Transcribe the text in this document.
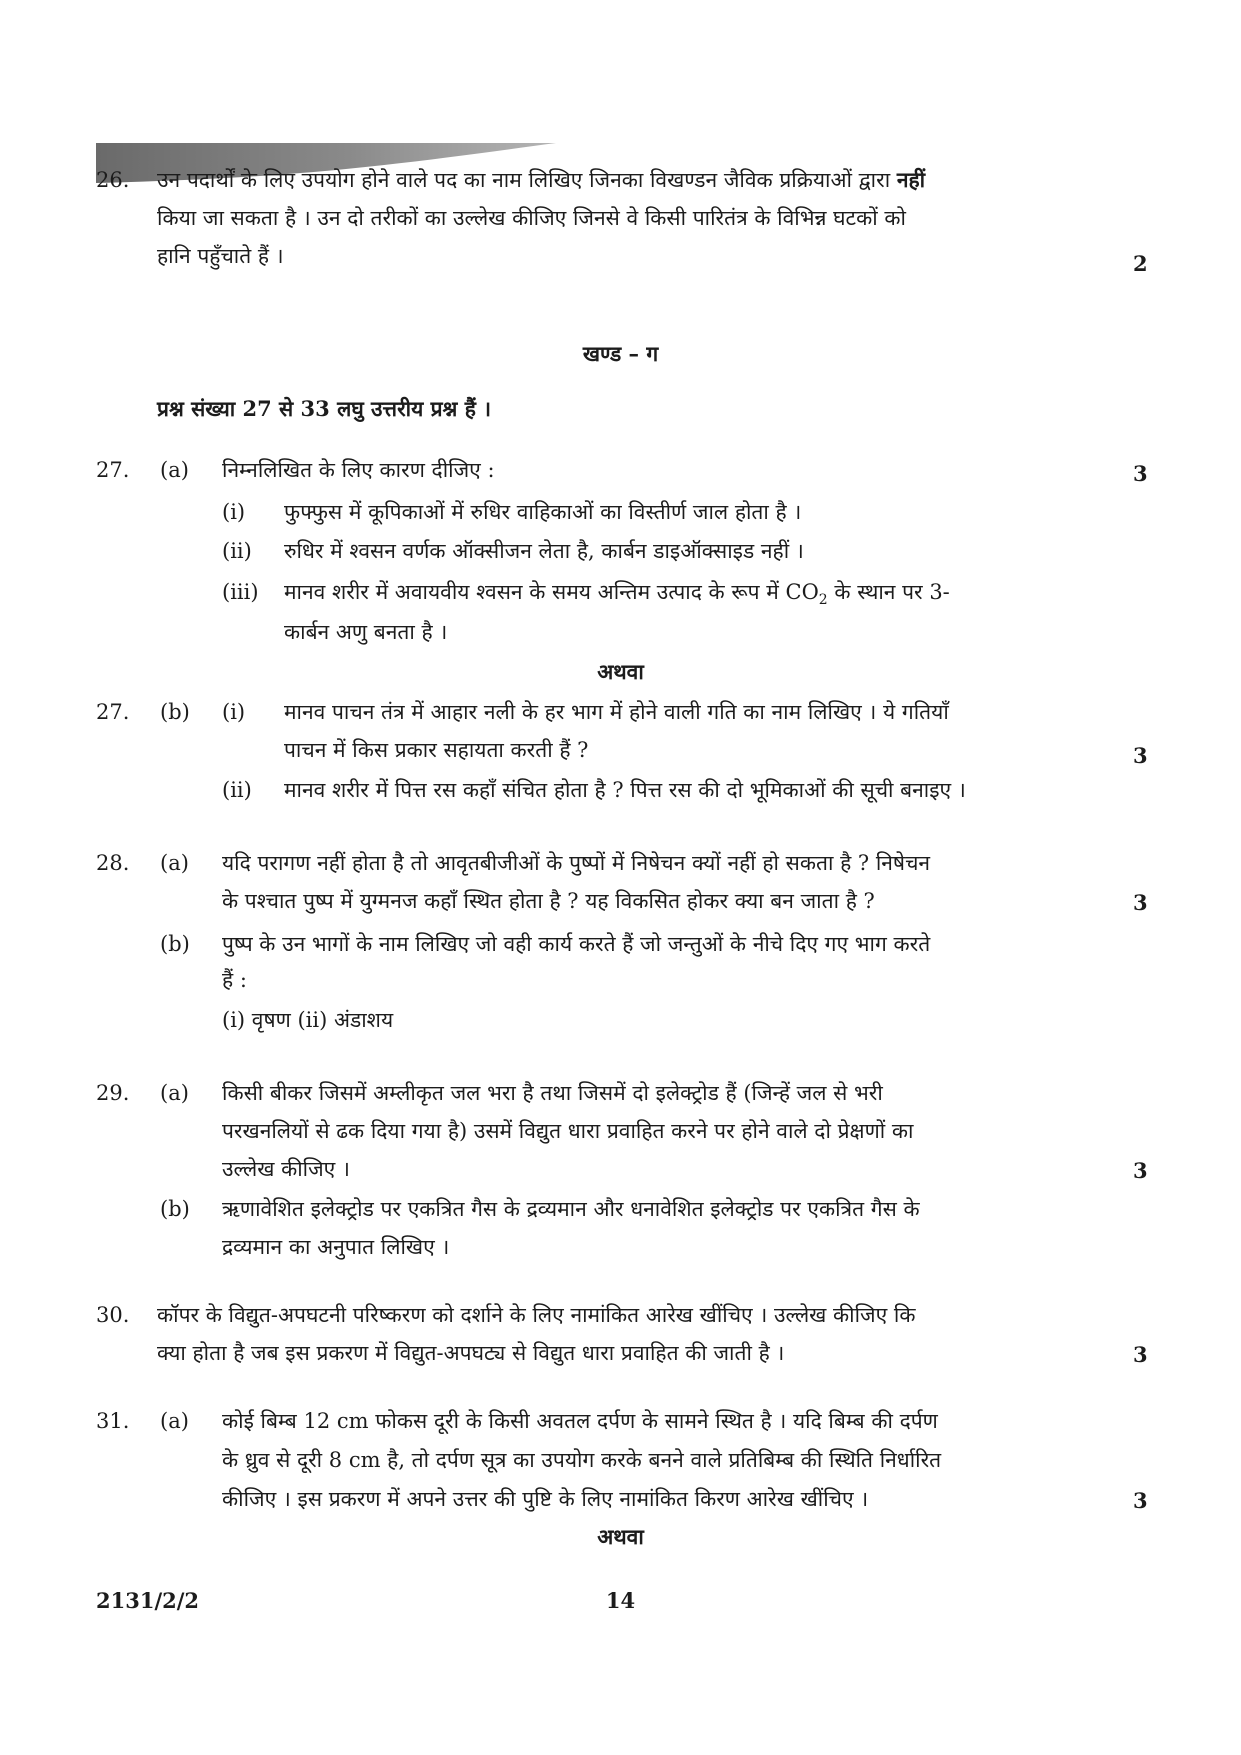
26. उन पदार्थों के लिए उपयोग होने वाले पद का नाम लिखिए जिनका विखण्डन जैविक प्रक्रियाओं द्वारा नहीं
किया जा सकता है । उन दो तरीकों का उल्लेख कीजिए जिनसे वे किसी पारितंत्र के विभिन्न घटकों को
हानि पहुँचाते हैं ।	2
खण्ड – ग
प्रश्न संख्या 27 से 33 लघु उत्तरीय प्रश्न हैं ।
27. (a) निम्नलिखित के लिए कारण दीजिए :	3
(i) फुफ्फुस में कूपिकाओं में रुधिर वाहिकाओं का विस्तीर्ण जाल होता है ।
(ii) रुधिर में श्वसन वर्णक ऑक्सीजन लेता है, कार्बन डाइऑक्साइड नहीं ।
(iii) मानव शरीर में अवायवीय श्वसन के समय अन्तिम उत्पाद के रूप में $CO_2$ के स्थान पर 3-
कार्बन अणु बनता है ।
अथवा
27. (b) (i) मानव पाचन तंत्र में आहार नली के हर भाग में होने वाली गति का नाम लिखिए । ये गतियाँ
पाचन में किस प्रकार सहायता करती हैं ?	3
(ii) मानव शरीर में पित्त रस कहाँ संचित होता है ? पित्त रस की दो भूमिकाओं की सूची बनाइए ।
28. (a) यदि परागण नहीं होता है तो आवृतबीजीओं के पुष्पों में निषेचन क्यों नहीं हो सकता है ? निषेचन
के पश्चात पुष्प में युग्मनज कहाँ स्थित होता है ? यह विकसित होकर क्या बन जाता है ?	3
(b) पुष्प के उन भागों के नाम लिखिए जो वही कार्य करते हैं जो जन्तुओं के नीचे दिए गए भाग करते
हैं :
(i) वृषण (ii) अंडाशय
29. (a) किसी बीकर जिसमें अम्लीकृत जल भरा है तथा जिसमें दो इलेक्ट्रोड हैं (जिन्हें जल से भरी
परखनलियों से ढक दिया गया है) उसमें विद्युत धारा प्रवाहित करने पर होने वाले दो प्रेक्षणों का
उल्लेख कीजिए ।	3
(b) ऋणावेशित इलेक्ट्रोड पर एकत्रित गैस के द्रव्यमान और धनावेशित इलेक्ट्रोड पर एकत्रित गैस के
द्रव्यमान का अनुपात लिखिए ।
30. कॉपर के विद्युत-अपघटनी परिष्करण को दर्शाने के लिए नामांकित आरेख खींचिए । उल्लेख कीजिए कि
क्या होता है जब इस प्रकरण में विद्युत-अपघट्य से विद्युत धारा प्रवाहित की जाती है ।	3
31. (a) कोई बिम्ब 12 cm फोकस दूरी के किसी अवतल दर्पण के सामने स्थित है । यदि बिम्ब की दर्पण
के ध्रुव से दूरी 8 cm है, तो दर्पण सूत्र का उपयोग करके बनने वाले प्रतिबिम्ब की स्थिति निर्धारित
कीजिए । इस प्रकरण में अपने उत्तर की पुष्टि के लिए नामांकित किरण आरेख खींचिए ।	3
अथवा
2131/2/2	14
